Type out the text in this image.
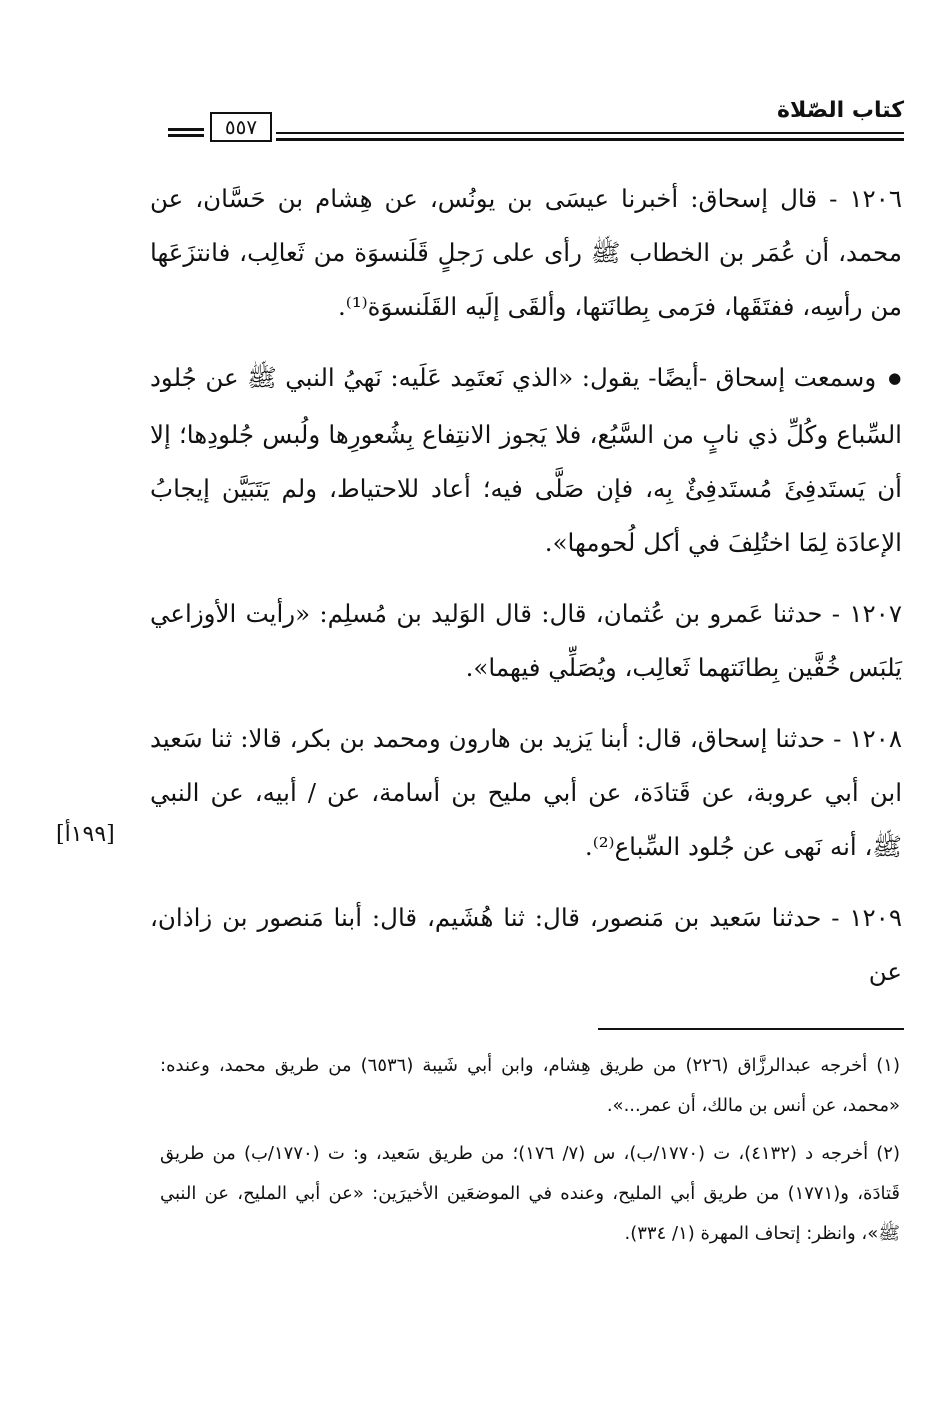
٥٥٧
كتاب الصّلاة

١٢٠٦ - قال إسحاق: أخبرنا عيسَى بن يونُس، عن هِشام بن حَسَّان، عن محمد، أن عُمَر بن الخطاب ﷺ رأى على رَجلٍ قَلَنسوَة من ثَعالِب، فانتزَعَها من رأسِه، ففتَقَها، فرَمى بِطانَتها، وألقَى إلَيه القَلَنسوَة⁽¹⁾.

● وسمعت إسحاق -أيضًا- يقول: «الذي نَعتَمِد عَلَيه: نَهيُ النبي ﷺ عن جُلود السِّباع وكُلِّ ذي نابٍ من السَّبُع، فلا يَجوز الانتِفاع بِشُعورِها ولُبس جُلودِها؛ إلا أن يَستَدفِئَ مُستَدفِئٌ بِه، فإن صَلَّى فيه؛ أعاد للاحتياط، ولم يَتَبَيَّن إيجابُ الإعادَة لِمَا اختُلِفَ في أكل لُحومها».

١٢٠٧ - حدثنا عَمرو بن عُثمان، قال: قال الوَليد بن مُسلِم: «رأيت الأوزاعي يَلبَس خُفَّين بِطانَتهما ثَعالِب، ويُصَلِّي فيهما».

١٢٠٨ - حدثنا إسحاق، قال: أبنا يَزيد بن هارون ومحمد بن بكر، قالا: ثنا سَعيد ابن أبي عروبة، عن قَتادَة، عن أبي مليح بن أسامة، عن / أبيه، عن النبي ﷺ، أنه نَهى عن جُلود السِّباع⁽²⁾.

١٢٠٩ - حدثنا سَعيد بن مَنصور، قال: ثنا هُشَيم، قال: أبنا مَنصور بن زاذان، عن

[١٩٩أ]

(١) أخرجه عبدالرزَّاق (٢٢٦) من طريق هِشام، وابن أبي شَيبة (٦٥٣٦) من طريق محمد، وعنده: «محمد، عن أنس بن مالك، أن عمر...».

(٢) أخرجه د (٤١٣٢)، ت (١٧٧٠/ب)، س (٧/ ١٧٦)؛ من طريق سَعيد، و: ت (١٧٧٠/ب) من طريق قَتادَة، و(١٧٧١) من طريق أبي المليح، وعنده في الموضعَين الأخيرَين: «عن أبي المليح، عن النبي ﷺ»، وانظر: إتحاف المهرة (١/ ٣٣٤).
